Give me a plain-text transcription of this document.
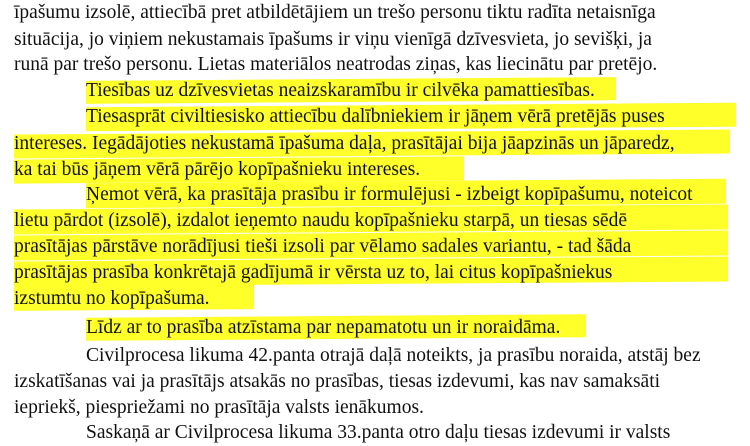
īpašumu izsolē, attiecībā pret atbildētājiem un trešo personu tiktu radīta netaisnīga
situācija, jo viņiem nekustamais īpašums ir viņu vienīgā dzīvesvieta, jo sevišķi, ja
runā par trešo personu. Lietas materiālos neatrodas ziņas, kas liecinātu par pretējo.
Tiesības uz dzīvesvietas neaizskaramību ir cilvēka pamattiesības.
Tiesasprāt civiltiesisko attiecību dalībniekiem ir jāņem vērā pretējās puses
intereses. Iegādājoties nekustamā īpašuma daļa, prasītājai bija jāapzinās un jāparedz,
ka tai būs jāņem vērā pārējo kopīpašnieku intereses.
Ņemot vērā, ka prasītāja prasību ir formulējusi - izbeigt kopīpašumu, noteicot
lietu pārdot (izsolē), izdalot ieņemto naudu kopīpašnieku starpā, un tiesas sēdē
prasītājas pārstāve norādījusi tieši izsoli par vēlamo sadales variantu, - tad šāda
prasītājas prasība konkrētajā gadījumā ir vērsta uz to, lai citus kopīpašniekus
izstumtu no kopīpašuma.
Līdz ar to prasība atzīstama par nepamatotu un ir noraidāma.
Civilprocesa likuma 42.panta otrajā daļā noteikts, ja prasību noraida, atstāj bez
izskatīšanas vai ja prasītājs atsakās no prasības, tiesas izdevumi, kas nav samaksāti
iepriekš, piespriežami no prasītāja valsts ienākumos.
Saskaņā ar Civilprocesa likuma 33.panta otro daļu tiesas izdevumi ir valsts
